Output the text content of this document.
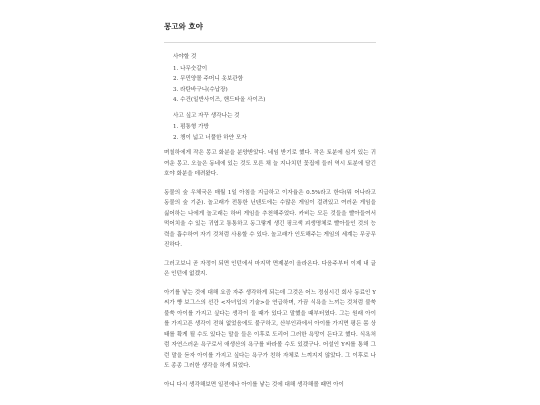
몽고와 호야
사야할 것
1. 나무숫갈이
2. 무민양몰 주머니 옷보관함
3. 라탄바구니(수납장)
4. 수건(일반사이즈, 핸드타올 사이즈)
사고 싶고 자꾸 생각나는 것
1. 펌통형 가방
2. 챙이 넓고 너풀한 하얀 모자

며칠하에게 작은 몽고 화분을 분양받았다. 네임 받기로 했다. 작은 토분에 심겨 있는 귀여운 몽고. 오늘은 동네에 있는 것도 모른 채 늘 지나치던 꽃집에 들러 역시 토분에 담긴 호야 화분을 데려왔다.

동물의 숲 우체국은 매월 1일 아침을 지급하고 이자율은 0.5%라고 한다(뭐 어나라고 동물의 숲 기준). 놀고래가 전통한 닌텐도에는 수많은 게임이 걸려있고 여러운 게임을 싫어하는 나에게 놀고래는 하버 게임을 추천해주었다. 카비는 모든 것들을 빨아들여서 먹어치울 수 있는 귀엽고 통통하고 동그랗게 생긴 핑크색 괴생명체로 빨아들인 것의 능력을 흡수하여 자기 것처럼 사용할 수 있다. 놀고래가 인도해주는 게임의 세계는 무궁무진하다.

그러고보니 곧 자정이 되면 인턴에서 마지막 면제분이 올라온다. 다음주부터 이제 내 글은 인턴에 없겠지.

아기를 낳는 것에 대해 요즘 자주 생각하게 되는데 그것은 어느 정심시긴 회사 동료인 Y씨가 빵 보그스의 선간 <자녀입의 기술>을 연급하며, 가끔 식욕을 느끼는 것처럼 불쑥불쑥 아이를 가지고 싶다는 생각이 들 때가 있다고 말했을 때부터였다. 그는 원래 아이를 가지고픈 생각이 전혀 없었음에도 불구하고, 산부인과에서 아이를 가지면 평든 몸 상태를 확게 될 수도 있다는 말을 들은 이후로 도리어 그러한 욕망이 든다고 했다. 식욕처럼 자연스러운 욕구로서 애생산의 욕구를 바라볼 수도 있겠구나. 어설인 Y씨를 통해 그런 말을 듣자 아이를 가지고 싶다는 욕구가 친하 자체로 느껴지지 않았다. 그 이후로 나도 종종 그러한 생각을 하게 되었다.

아니 다시 생각해보면 일전에나 아이를 낳는 것에 대해 생각해볼 때면 아이
